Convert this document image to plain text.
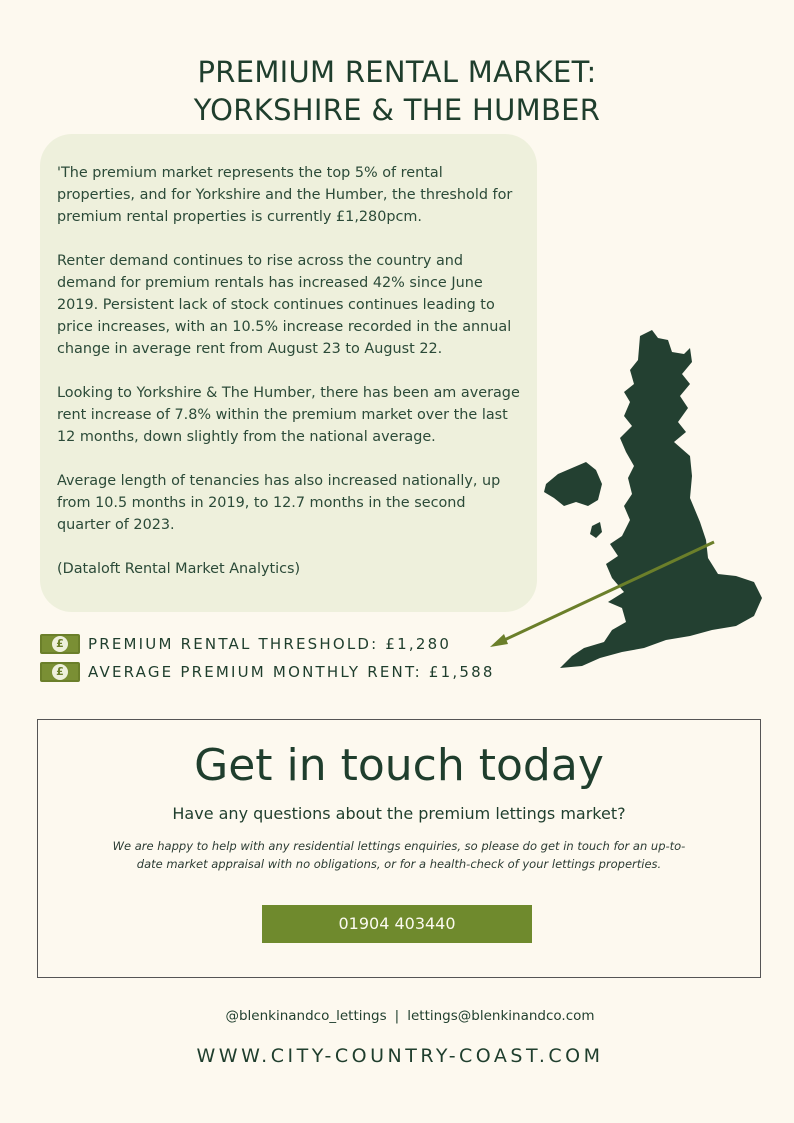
PREMIUM RENTAL MARKET:
YORKSHIRE & THE HUMBER

'The premium market represents the top 5% of rental properties, and for Yorkshire and the Humber, the threshold for premium rental properties is currently £1,280pcm.

Renter demand continues to rise across the country and demand for premium rentals has increased 42% since June 2019. Persistent lack of stock continues continues leading to price increases, with an 10.5% increase recorded in the annual change in average rent from August 23 to August 22.

Looking to Yorkshire & The Humber, there has been am average rent increase of 7.8% within the premium market over the last 12 months, down slightly from the national average.

Average length of tenancies has also increased nationally, up from 10.5 months in 2019, to 12.7 months in the second quarter of 2023.

(Dataloft Rental Market Analytics)

£ PREMIUM RENTAL THRESHOLD: £1,280
£ AVERAGE PREMIUM MONTHLY RENT: £1,588
Get in touch today
Have any questions about the premium lettings market?
We are happy to help with any residential lettings enquiries, so please do get in touch for an up-to-date market appraisal with no obligations, or for a health-check of your lettings properties.
01904 403440
@blenkinandco_lettings | lettings@blenkinandco.com
WWW.CITY-COUNTRY-COAST.COM
